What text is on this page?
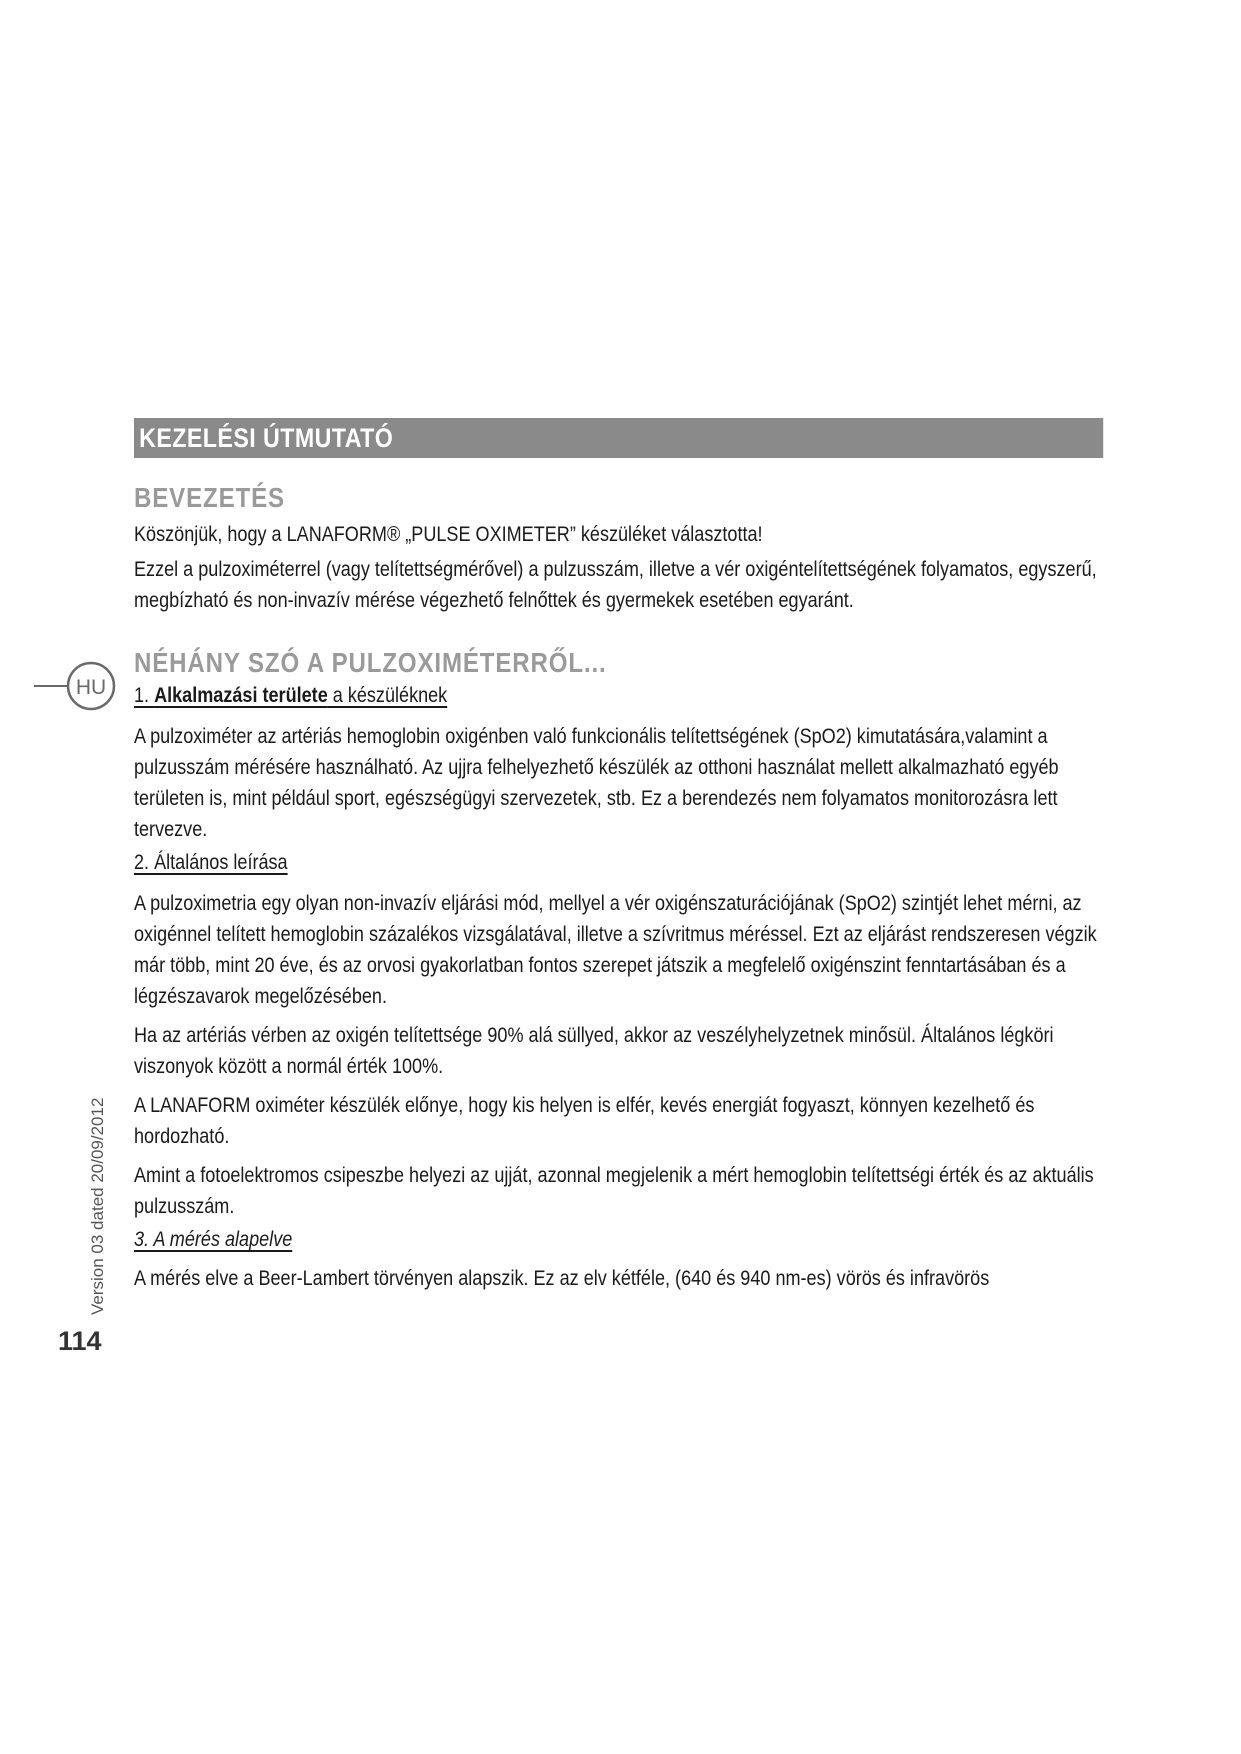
KEZELÉSI ÚTMUTATÓ
BEVEZETÉS

Köszönjük, hogy a LANAFORM® „PULSE OXIMETER” készüléket választotta!

Ezzel a pulzoximéterrel (vagy telítettségmérővel) a pulzusszám, illetve a vér oxigéntelítettségének folyamatos, egyszerű, megbízható és non-invazív mérése végezhető felnőttek és gyermekek esetében egyaránt.

NÉHÁNY SZÓ A PULZOXIMÉTERRŐL...
1. Alkalmazási területe a készüléknek

A pulzoximéter az artériás hemoglobin oxigénben való funkcionális telítettségének (SpO2) kimutatására,valamint a pulzusszám mérésére használható. Az ujjra felhelyezhető készülék az otthoni használat mellett alkalmazható egyéb területen is, mint például sport, egészségügyi szervezetek, stb. Ez a berendezés nem folyamatos monitorozásra lett tervezve.

2. Általános leírása

A pulzoximetria egy olyan non-invazív eljárási mód, mellyel a vér oxigénszaturációjának (SpO2) szintjét lehet mérni, az oxigénnel telített hemoglobin százalékos vizsgálatával, illetve a szívritmus méréssel. Ezt az eljárást rendszeresen végzik már több, mint 20 éve, és az orvosi gyakorlatban fontos szerepet játszik a megfelelő oxigénszint fenntartásában és a légzészavarok megelőzésében.

Ha az artériás vérben az oxigén telítettsége 90% alá süllyed, akkor az veszélyhelyzetnek minősül. Általános légköri viszonyok között a normál érték 100%.

A LANAFORM oximéter készülék előnye, hogy kis helyen is elfér, kevés energiát fogyaszt, könnyen kezelhető és hordozható.

Amint a fotoelektromos csipeszbe helyezi az ujját, azonnal megjelenik a mért hemoglobin telítettségi érték és az aktuális pulzusszám.

3. A mérés alapelve

A mérés elve a Beer-Lambert törvényen alapszik. Ez az elv kétféle, (640 és 940 nm-es) vörös és infravörös

HU
Version 03 dated 20/09/2012
114
